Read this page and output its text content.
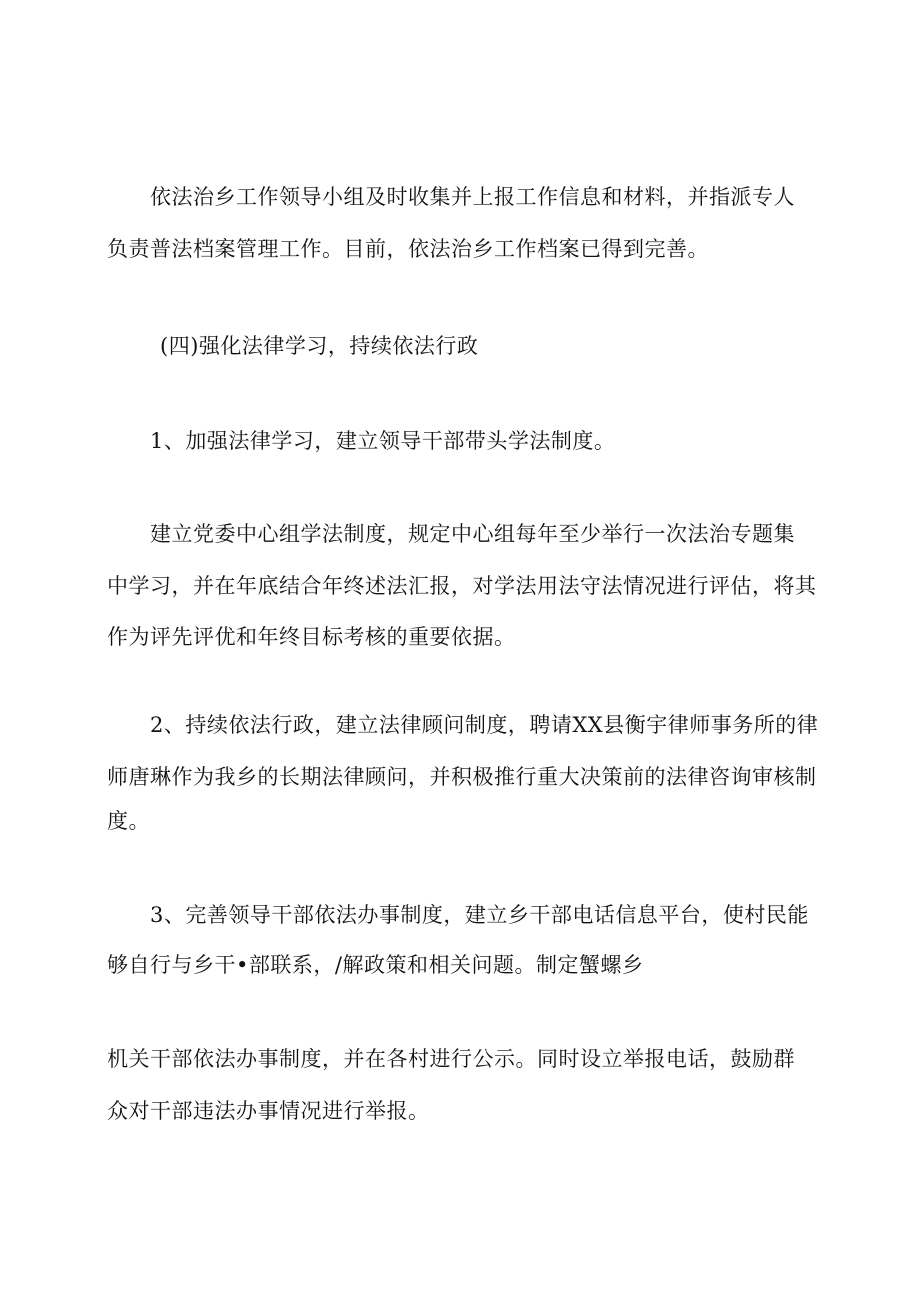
依法治乡工作领导小组及时收集并上报工作信息和材料，并指派专人
负责普法档案管理工作。目前，依法治乡工作档案已得到完善。
(四)强化法律学习，持续依法行政
1、加强法律学习，建立领导干部带头学法制度。
建立党委中心组学法制度，规定中心组每年至少举行一次法治专题集
中学习，并在年底结合年终述法汇报，对学法用法守法情况进行评估，将其
作为评先评优和年终目标考核的重要依据。
2、持续依法行政，建立法律顾问制度，聘请XX县衡宇律师事务所的律
师唐琳作为我乡的长期法律顾问，并积极推行重大决策前的法律咨询审核制
度。
3、完善领导干部依法办事制度，建立乡干部电话信息平台，使村民能
够自行与乡干•部联系，/解政策和相关问题。制定蟹螺乡
机关干部依法办事制度，并在各村进行公示。同时设立举报电话，鼓励群
众对干部违法办事情况进行举报。
